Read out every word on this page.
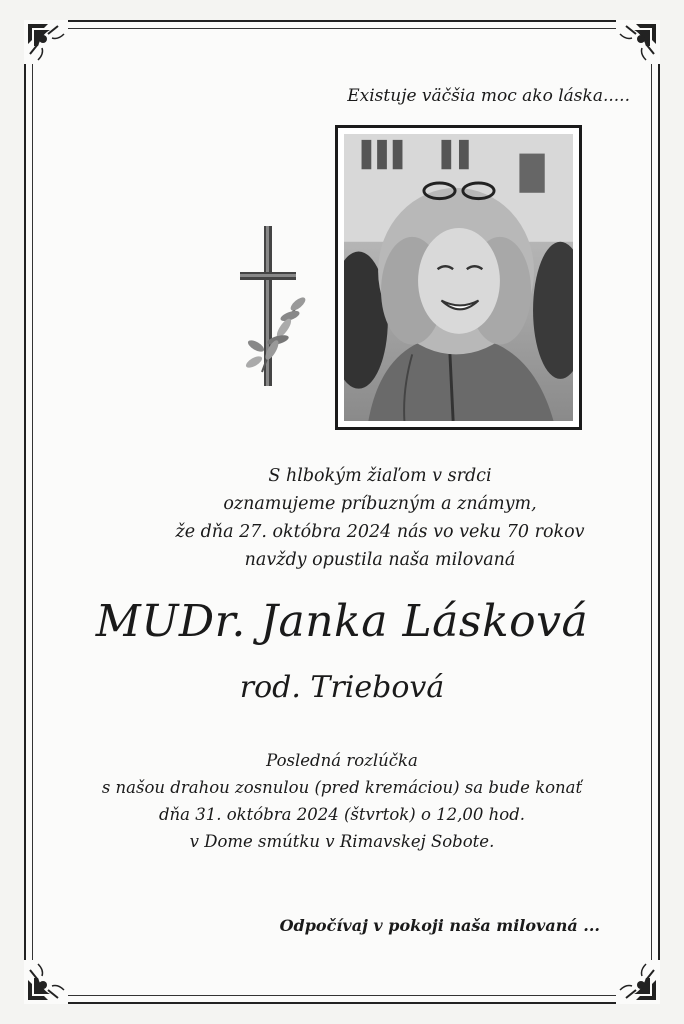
Existuje väčšia moc ako láska.....
S hlbokým žiaľom v srdci
oznamujeme príbuzným a známym,
že dňa 27. októbra 2024 nás vo veku 70 rokov
navždy opustila naša milovaná
MUDr. Janka Lásková
rod. Triebová
Posledná rozlúčka
s našou drahou zosnulou (pred kremáciou) sa bude konať
dňa 31. októbra 2024 (štvrtok) o 12,00 hod.
v Dome smútku v Rimavskej Sobote.
Odpočívaj v pokoji naša milovaná ...
